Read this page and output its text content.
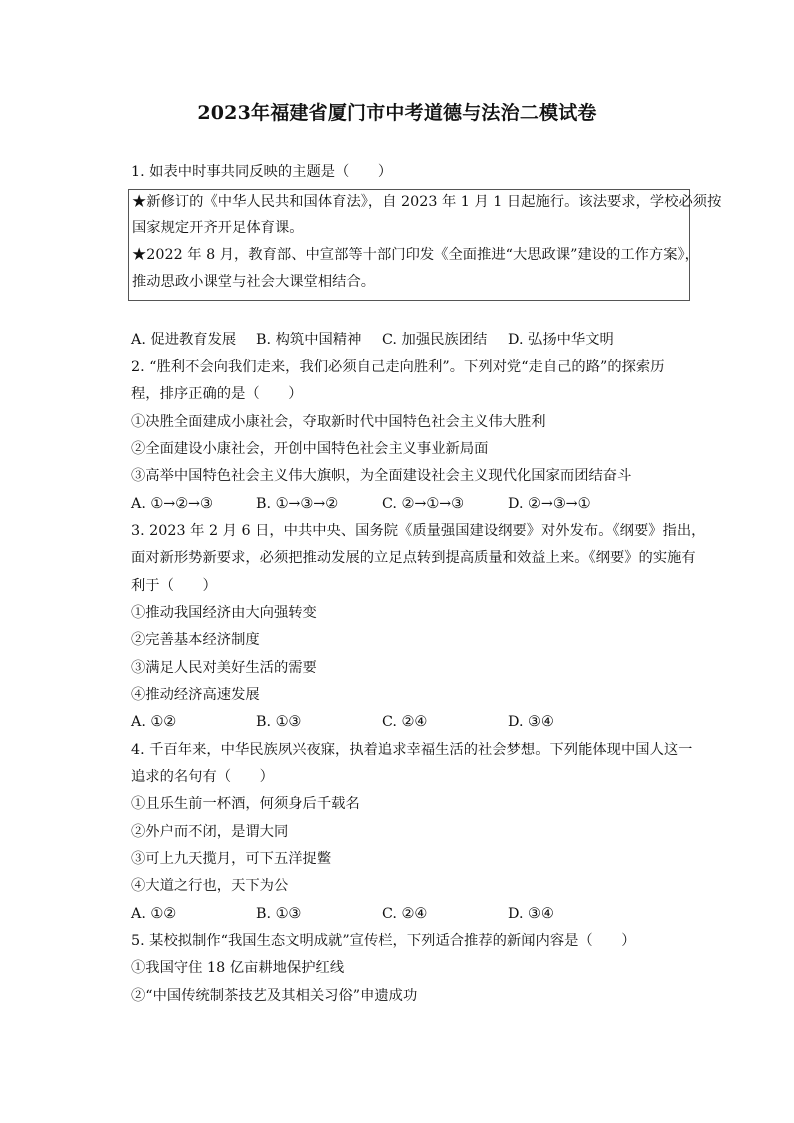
2023年福建省厦门市中考道德与法治二模试卷
1. 如表中时事共同反映的主题是（　　）
★新修订的《中华人民共和国体育法》，自 2023 年 1 月 1 日起施行。该法要求，学校必须按
国家规定开齐开足体育课。
★2022 年 8 月，教育部、中宣部等十部门印发《全面推进“大思政课”建设的工作方案》，
推动思政小课堂与社会大课堂相结合。
A. 促进教育发展 B. 构筑中国精神 C. 加强民族团结 D. 弘扬中华文明
2. “胜利不会向我们走来，我们必须自己走向胜利”。下列对党“走自己的路”的探索历
程，排序正确的是（　　）
①决胜全面建成小康社会，夺取新时代中国特色社会主义伟大胜利
②全面建设小康社会，开创中国特色社会主义事业新局面
③高举中国特色社会主义伟大旗帜，为全面建设社会主义现代化国家而团结奋斗
A. ①→②→③	B. ①→③→②	C. ②→①→③	D. ②→③→①
3. 2023 年 2 月 6 日，中共中央、国务院《质量强国建设纲要》对外发布。《纲要》指出，
面对新形势新要求，必须把推动发展的立足点转到提高质量和效益上来。《纲要》的实施有
利于（　　）
①推动我国经济由大向强转变
②完善基本经济制度
③满足人民对美好生活的需要
④推动经济高速发展
A. ①②	B. ①③	C. ②④	D. ③④
4. 千百年来，中华民族夙兴夜寐，执着追求幸福生活的社会梦想。下列能体现中国人这一
追求的名句有（　　）
①且乐生前一杯酒，何须身后千载名
②外户而不闭，是谓大同
③可上九天揽月，可下五洋捉鳖
④大道之行也，天下为公
A. ①②	B. ①③	C. ②④	D. ③④
5. 某校拟制作“我国生态文明成就”宣传栏，下列适合推荐的新闻内容是（　　）
①我国守住 18 亿亩耕地保护红线
②“中国传统制茶技艺及其相关习俗”申遗成功
